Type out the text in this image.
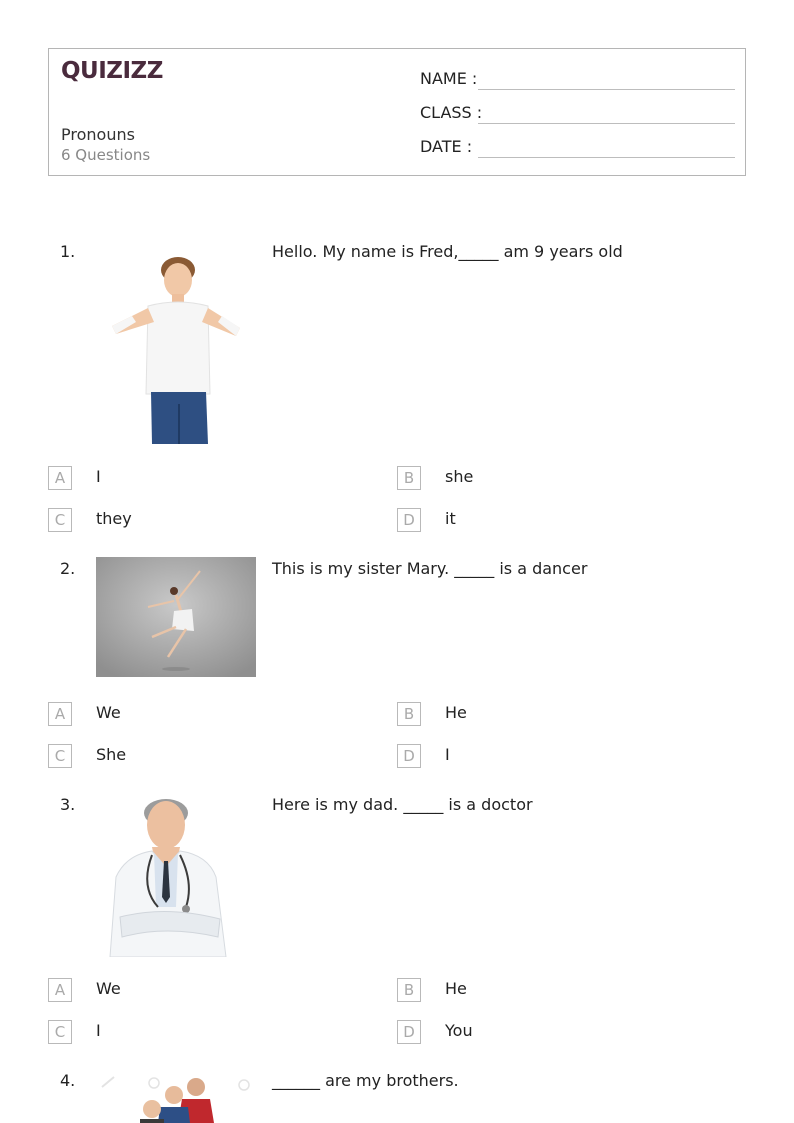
QUIZIZZ
Pronouns
6 Questions
NAME :
CLASS :
DATE :
1.	Hello. My name is Fred,_____ am 9 years old
A	I	B	she
C	they	D	it
2.	This is my sister Mary. _____ is a dancer
A	We	B	He
C	She	D	I
3.	Here is my dad. _____ is a doctor
A	We	B	He
C	I	D	You
4.	______ are my brothers.
